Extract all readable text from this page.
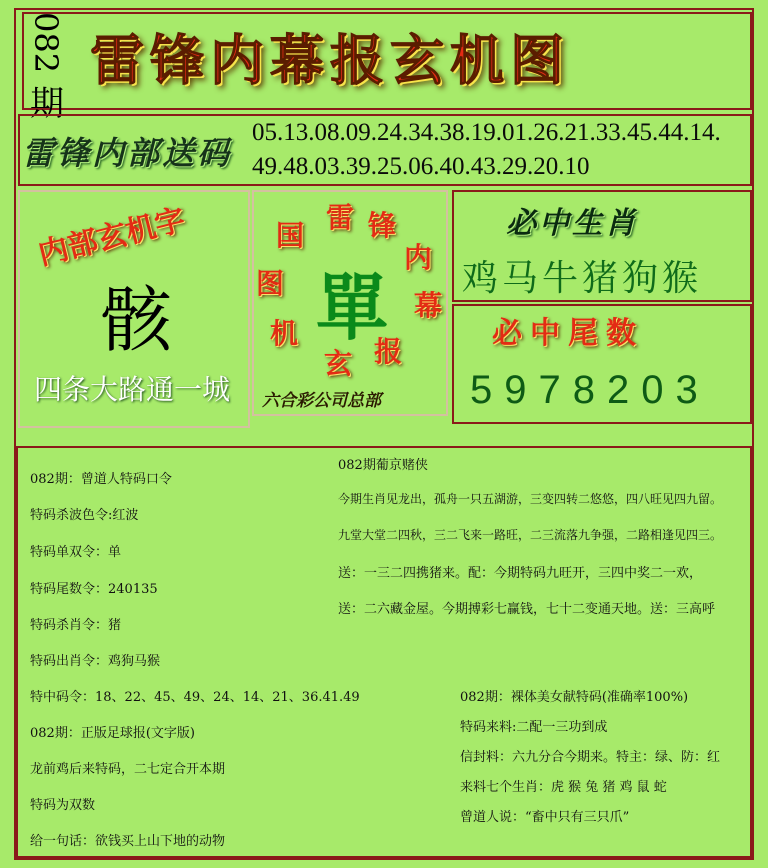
082
期
雷锋内幕报玄机图
雷锋内部送码
05.13.08.09.24.34.38.19.01.26.21.33.45.44.14.
49.48.03.39.25.06.40.43.29.20.10
内部玄机字
骸
四条大路通一城
雷 锋
内
幕
报
玄
机
图
国
單
六合彩公司总部
必中生肖
鸡马牛猪狗猴
必中尾数
5978203
082期：曾道人特码口令
特码杀波色令:红波
特码单双令：单
特码尾数令：240135
特码杀肖令：猪
特码出肖令：鸡狗马猴
特中码令：18、22、45、49、24、14、21、36.41.49
082期：正版足球报(文字版)
龙前鸡后来特码，二七定合开本期
特码为双数
给一句话：欲钱买上山下地的动物
082期葡京赌侠
今期生肖见龙出，孤舟一只五湖游，三变四转二悠悠，四八旺见四九留。
九堂大堂二四秋，三二飞来一路旺，二三流落九争强，二路相逢见四三。
送：一三二四携猪来。配：今期特码九旺开，三四中奖二一欢，
送：二六藏金屋。今期搏彩七赢钱，七十二变通天地。送：三高呼
082期：裸体美女献特码(准确率100%)
特码来料:二配一三功到成
信封料：六九分合今期来。特主：绿、防：红
来料七个生肖：虎 猴 兔 猪 鸡 鼠 蛇
曾道人说：“畜中只有三只爪”
